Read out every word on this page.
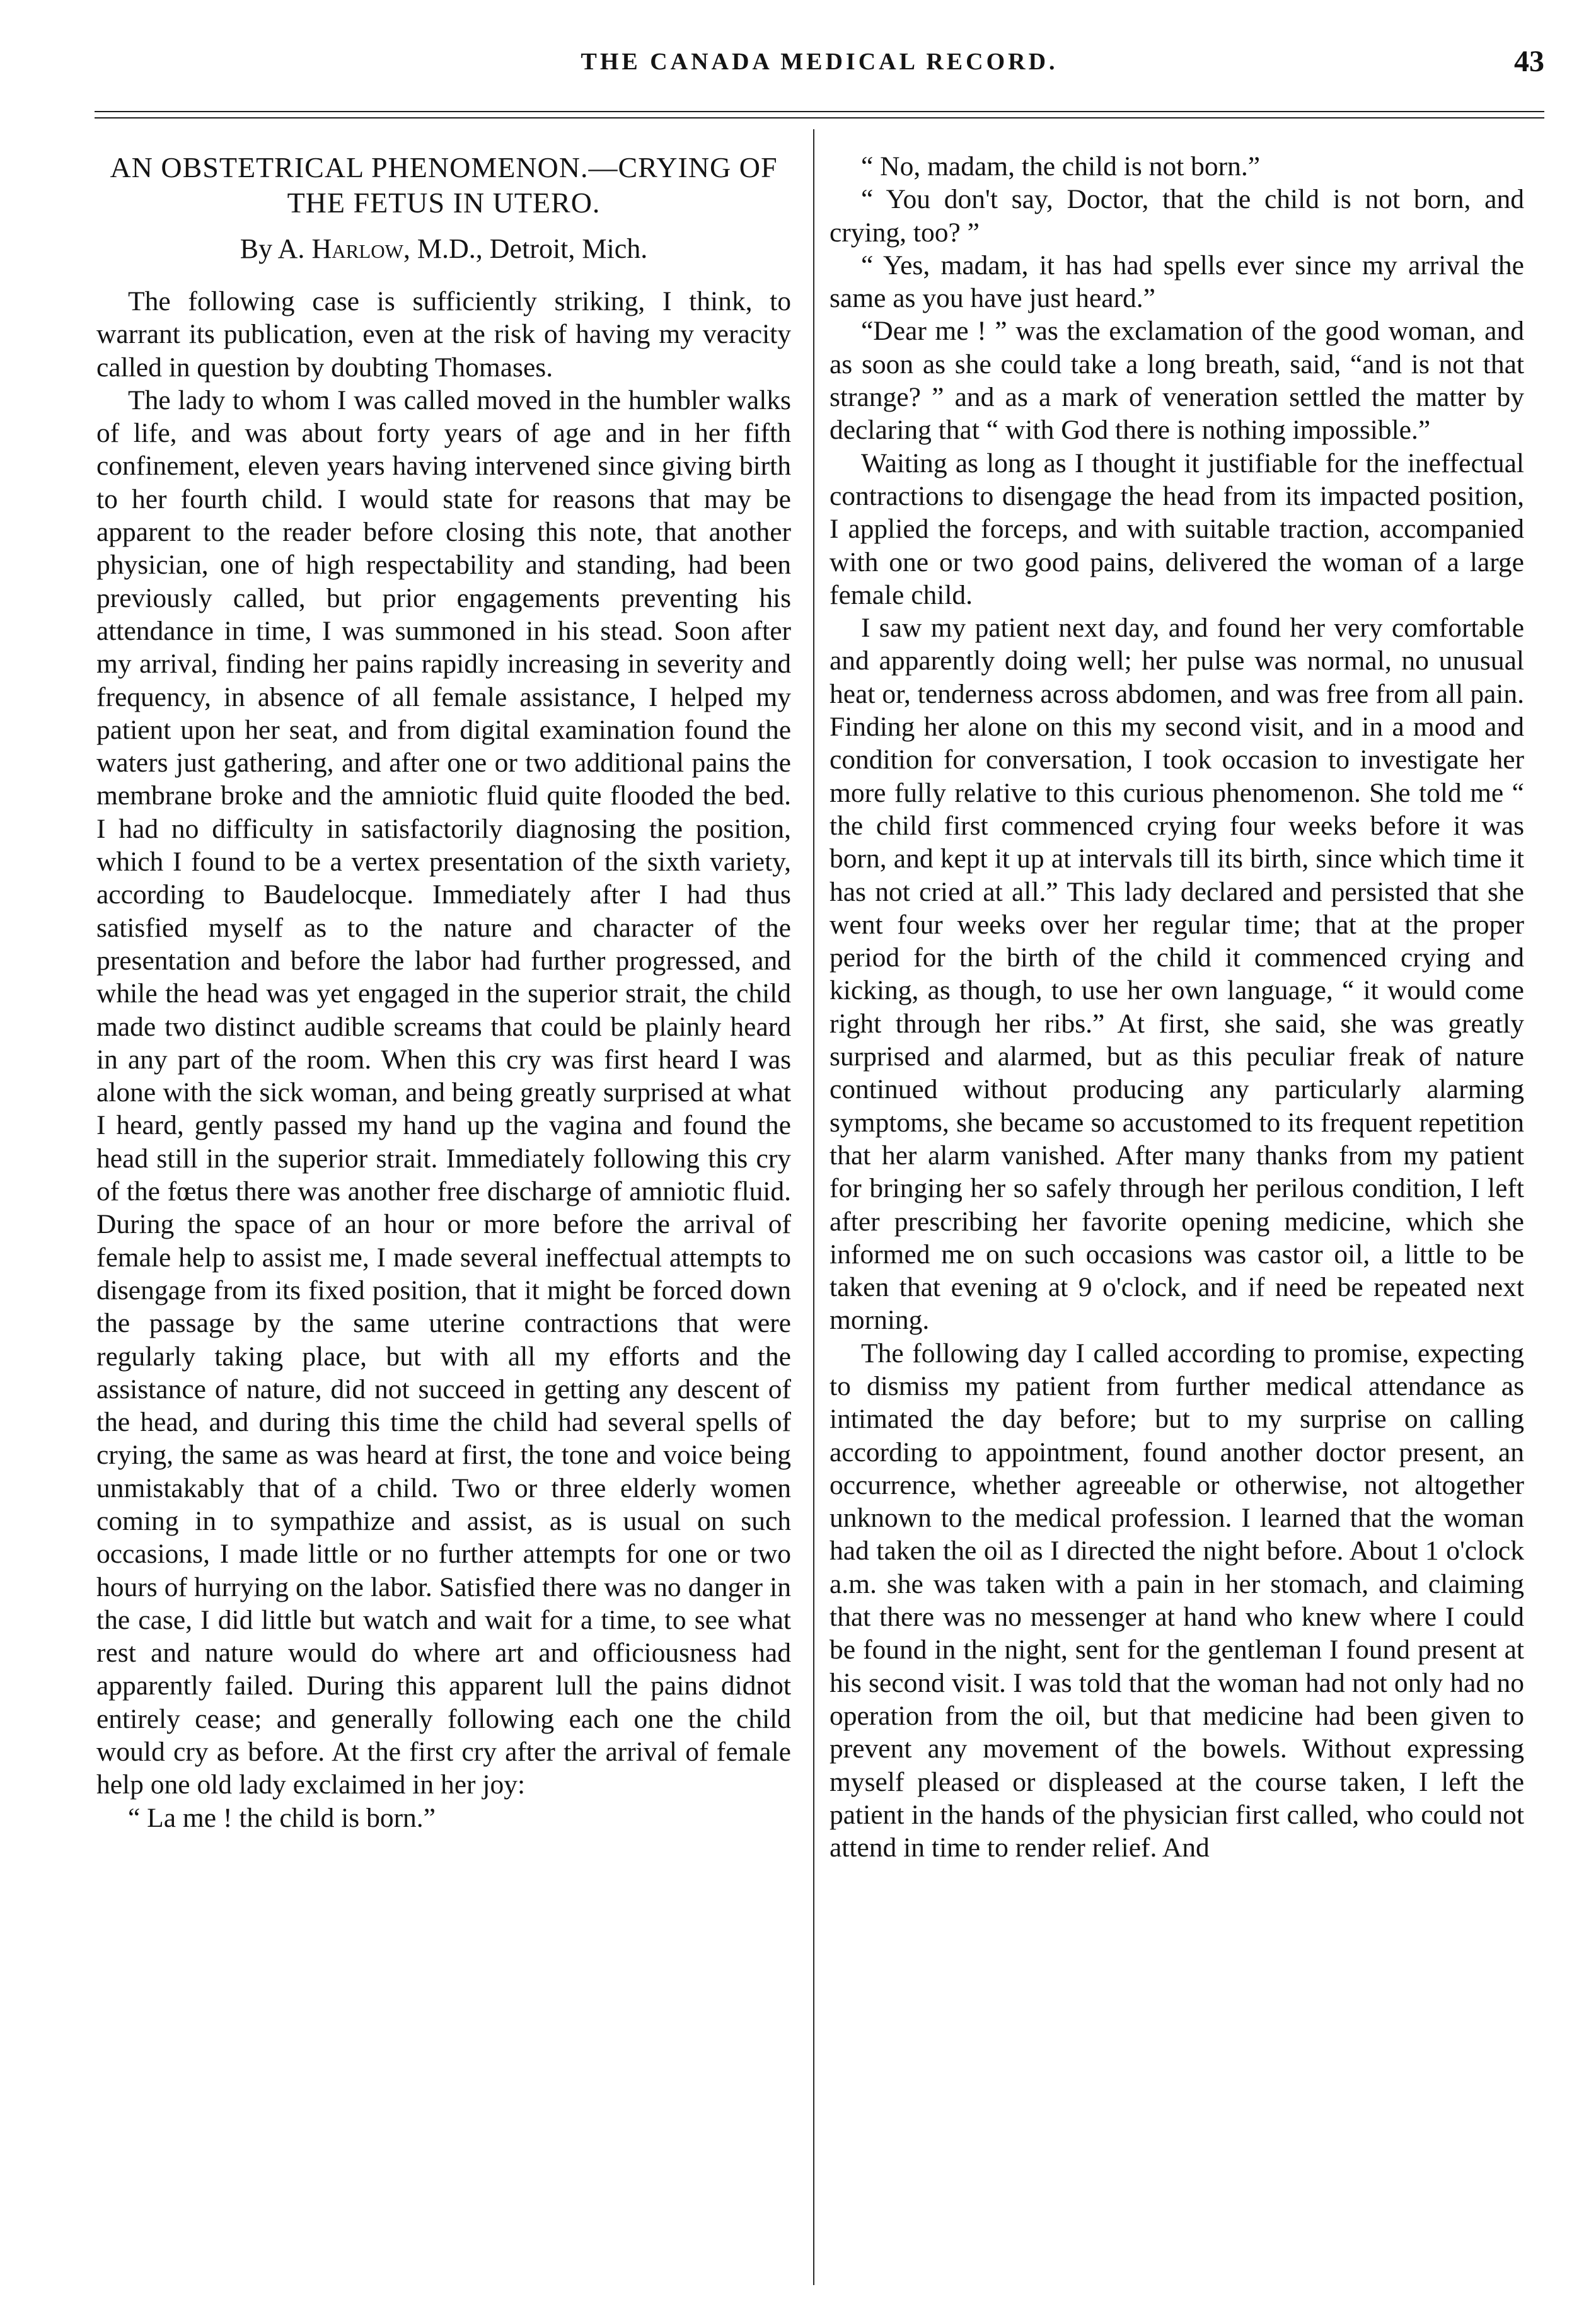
THE CANADA MEDICAL RECORD.	43
AN OBSTETRICAL PHENOMENON.—CRYING OF THE FETUS IN UTERO.
By A. Harlow, M.D., Detroit, Mich.

The following case is sufficiently striking, I think, to warrant its publication, even at the risk of having my veracity called in question by doubting Thomases.

The lady to whom I was called moved in the humbler walks of life, and was about forty years of age and in her fifth confinement, eleven years having intervened since giving birth to her fourth child. I would state for reasons that may be apparent to the reader before closing this note, that another physician, one of high respectability and standing, had been previously called, but prior engagements preventing his attendance in time, I was summoned in his stead. Soon after my arrival, finding her pains rapidly increasing in severity and frequency, in absence of all female assistance, I helped my patient upon her seat, and from digital examination found the waters just gathering, and after one or two additional pains the membrane broke and the amniotic fluid quite flooded the bed. I had no difficulty in satisfactorily diagnosing the position, which I found to be a vertex presentation of the sixth variety, according to Baudelocque. Immediately after I had thus satisfied myself as to the nature and character of the presentation and before the labor had further progressed, and while the head was yet engaged in the superior strait, the child made two distinct audible screams that could be plainly heard in any part of the room. When this cry was first heard I was alone with the sick woman, and being greatly surprised at what I heard, gently passed my hand up the vagina and found the head still in the superior strait. Immediately following this cry of the fœtus there was another free discharge of amniotic fluid. During the space of an hour or more before the arrival of female help to assist me, I made several ineffectual attempts to disengage from its fixed position, that it might be forced down the passage by the same uterine contractions that were regularly taking place, but with all my efforts and the assistance of nature, did not succeed in getting any descent of the head, and during this time the child had several spells of crying, the same as was heard at first, the tone and voice being unmistakably that of a child. Two or three elderly women coming in to sympathize and assist, as is usual on such occasions, I made little or no further attempts for one or two hours of hurrying on the labor. Satisfied there was no danger in the case, I did little but watch and wait for a time, to see what rest and nature would do where art and officiousness had apparently failed. During this apparent lull the pains didnot entirely cease; and generally following each one the child would cry as before. At the first cry after the arrival of female help one old lady exclaimed in her joy:

“ La me ! the child is born.”

“ No, madam, the child is not born.”

“ You don't say, Doctor, that the child is not born, and crying, too? ”

“ Yes, madam, it has had spells ever since my arrival the same as you have just heard.”

“Dear me ! ” was the exclamation of the good woman, and as soon as she could take a long breath, said, “and is not that strange? ” and as a mark of veneration settled the matter by declaring that “ with God there is nothing impossible.”

Waiting as long as I thought it justifiable for the ineffectual contractions to disengage the head from its impacted position, I applied the forceps, and with suitable traction, accompanied with one or two good pains, delivered the woman of a large female child.

I saw my patient next day, and found her very comfortable and apparently doing well; her pulse was normal, no unusual heat or, tenderness across abdomen, and was free from all pain. Finding her alone on this my second visit, and in a mood and condition for conversation, I took occasion to investigate her more fully relative to this curious phenomenon. She told me “ the child first commenced crying four weeks before it was born, and kept it up at intervals till its birth, since which time it has not cried at all.” This lady declared and persisted that she went four weeks over her regular time; that at the proper period for the birth of the child it commenced crying and kicking, as though, to use her own language, “ it would come right through her ribs.” At first, she said, she was greatly surprised and alarmed, but as this peculiar freak of nature continued without producing any particularly alarming symptoms, she became so accustomed to its frequent repetition that her alarm vanished. After many thanks from my patient for bringing her so safely through her perilous condition, I left after prescribing her favorite opening medicine, which she informed me on such occasions was castor oil, a little to be taken that evening at 9 o'clock, and if need be repeated next morning.

The following day I called according to promise, expecting to dismiss my patient from further medical attendance as intimated the day before; but to my surprise on calling according to appointment, found another doctor present, an occurrence, whether agreeable or otherwise, not altogether unknown to the medical profession. I learned that the woman had taken the oil as I directed the night before. About 1 o'clock a.m. she was taken with a pain in her stomach, and claiming that there was no messenger at hand who knew where I could be found in the night, sent for the gentleman I found present at his second visit. I was told that the woman had not only had no operation from the oil, but that medicine had been given to prevent any movement of the bowels. Without expressing myself pleased or displeased at the course taken, I left the patient in the hands of the physician first called, who could not attend in time to render relief. And
